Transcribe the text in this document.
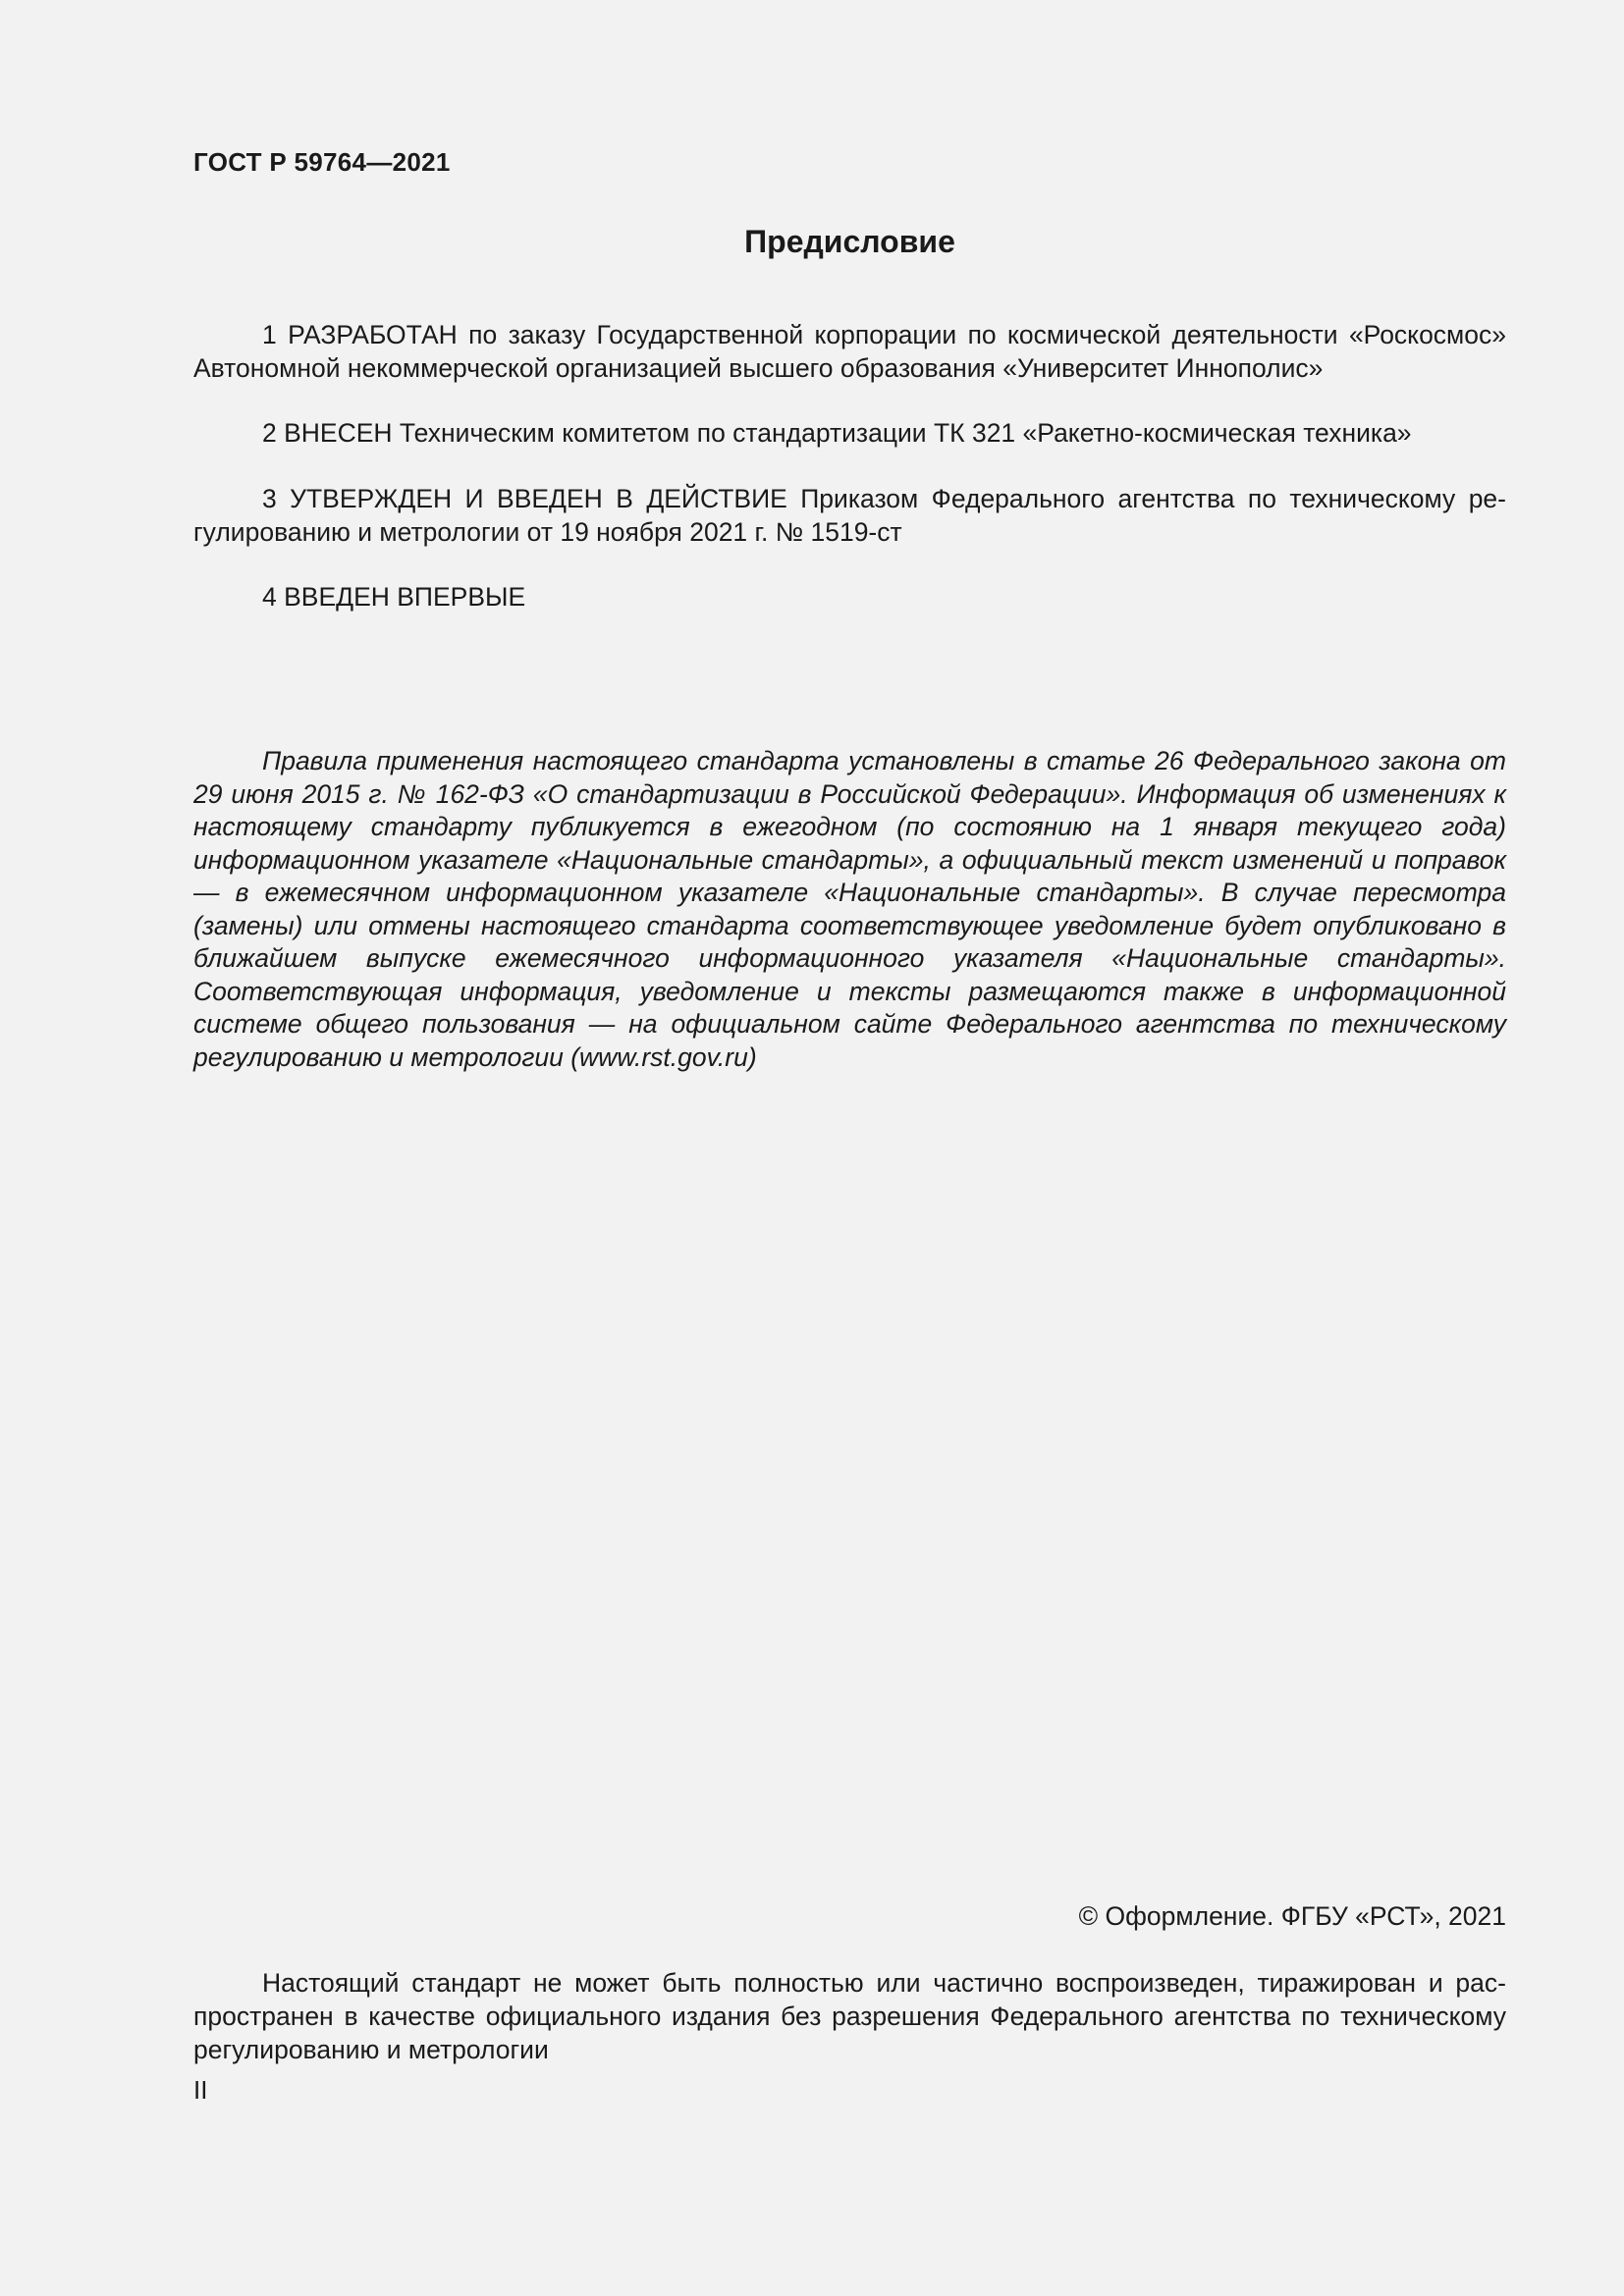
ГОСТ Р 59764—2021
Предисловие

1 РАЗРАБОТАН по заказу Государственной корпорации по космической деятельности «Роскосмос» Автономной некоммерческой организацией высшего образования «Университет Иннополис»

2 ВНЕСЕН Техническим комитетом по стандартизации ТК 321 «Ракетно-космическая техника»

3 УТВЕРЖДЕН И ВВЕДЕН В ДЕЙСТВИЕ Приказом Федерального агентства по техническому регулированию и метрологии от 19 ноября 2021 г. № 1519-ст

4 ВВЕДЕН ВПЕРВЫЕ

Правила применения настоящего стандарта установлены в статье 26 Федерального закона от 29 июня 2015 г. № 162-ФЗ «О стандартизации в Российской Федерации». Информация об изменениях к настоящему стандарту публикуется в ежегодном (по состоянию на 1 января текущего года) информационном указателе «Национальные стандарты», а официальный текст изменений и поправок — в ежемесячном информационном указателе «Национальные стандарты». В случае пересмотра (замены) или отмены настоящего стандарта соответствующее уведомление будет опубликовано в ближайшем выпуске ежемесячного информационного указателя «Национальные стандарты». Соответствующая информация, уведомление и тексты размещаются также в информационной системе общего пользования — на официальном сайте Федерального агентства по техническому регулированию и метрологии (www.rst.gov.ru)

© Оформление. ФГБУ «РСТ», 2021

Настоящий стандарт не может быть полностью или частично воспроизведен, тиражирован и распространен в качестве официального издания без разрешения Федерального агентства по техническому регулированию и метрологии

II
